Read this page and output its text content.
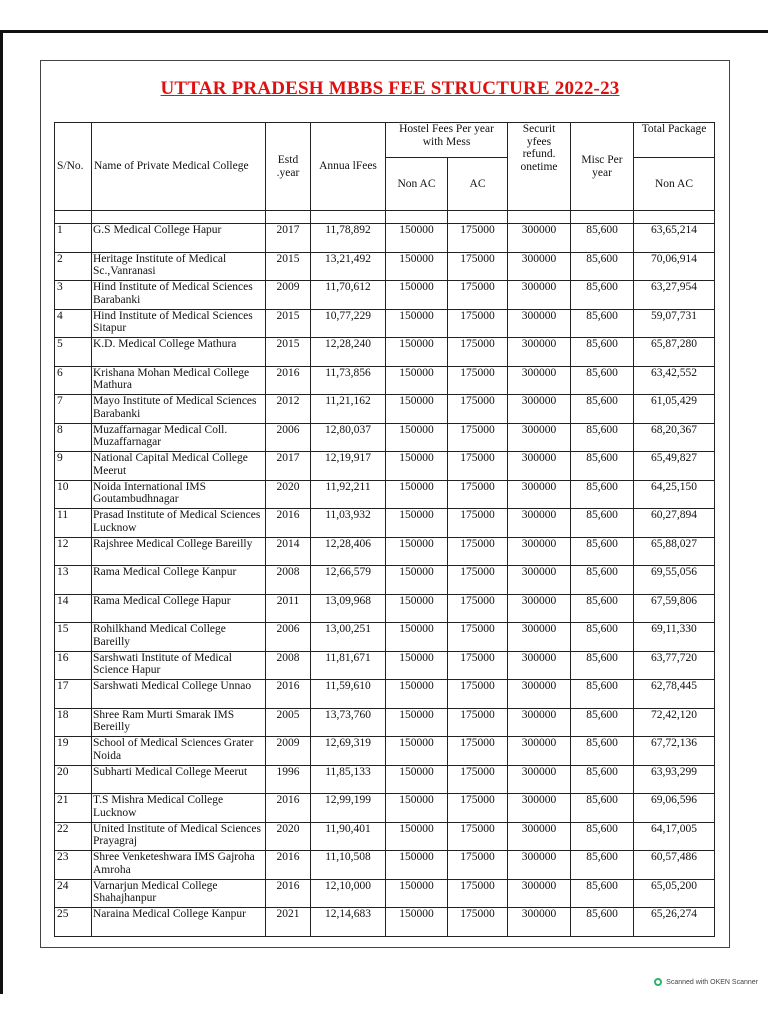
UTTAR PRADESH MBBS FEE STRUCTURE 2022-23
S/No.	Name of Private Medical College	Estd .year	Annua lFees	Hostel Fees Per year with Mess		Securit yfees refund. onetime	Misc Per year	Total Package
				Non AC	AC			Non AC

1	G.S Medical College Hapur	2017	11,78,892	150000	175000	300000	85,600	63,65,214
2	Heritage Institute of Medical Sc.,Vanranasi	2015	13,21,492	150000	175000	300000	85,600	70,06,914
3	Hind Institute of Medical Sciences Barabanki	2009	11,70,612	150000	175000	300000	85,600	63,27,954
4	Hind Institute of Medical Sciences Sitapur	2015	10,77,229	150000	175000	300000	85,600	59,07,731
5	K.D. Medical College Mathura	2015	12,28,240	150000	175000	300000	85,600	65,87,280
6	Krishana Mohan Medical College Mathura	2016	11,73,856	150000	175000	300000	85,600	63,42,552
7	Mayo Institute of Medical Sciences Barabanki	2012	11,21,162	150000	175000	300000	85,600	61,05,429
8	Muzaffarnagar Medical Coll. Muzaffarnagar	2006	12,80,037	150000	175000	300000	85,600	68,20,367
9	National Capital Medical College Meerut	2017	12,19,917	150000	175000	300000	85,600	65,49,827
10	Noida International IMS Goutambudhnagar	2020	11,92,211	150000	175000	300000	85,600	64,25,150
11	Prasad Institute of Medical Sciences Lucknow	2016	11,03,932	150000	175000	300000	85,600	60,27,894
12	Rajshree Medical College Bareilly	2014	12,28,406	150000	175000	300000	85,600	65,88,027
13	Rama Medical College Kanpur	2008	12,66,579	150000	175000	300000	85,600	69,55,056
14	Rama Medical College Hapur	2011	13,09,968	150000	175000	300000	85,600	67,59,806
15	Rohilkhand Medical College Bareilly	2006	13,00,251	150000	175000	300000	85,600	69,11,330
16	Sarshwati Institute of Medical Science Hapur	2008	11,81,671	150000	175000	300000	85,600	63,77,720
17	Sarshwati Medical College Unnao	2016	11,59,610	150000	175000	300000	85,600	62,78,445
18	Shree Ram Murti Smarak IMS Bereilly	2005	13,73,760	150000	175000	300000	85,600	72,42,120
19	School of Medical Sciences Grater Noida	2009	12,69,319	150000	175000	300000	85,600	67,72,136
20	Subharti Medical College Meerut	1996	11,85,133	150000	175000	300000	85,600	63,93,299
21	T.S Mishra Medical College Lucknow	2016	12,99,199	150000	175000	300000	85,600	69,06,596
22	United Institute of Medical Sciences Prayagraj	2020	11,90,401	150000	175000	300000	85,600	64,17,005
23	Shree Venketeshwara IMS Gajroha Amroha	2016	11,10,508	150000	175000	300000	85,600	60,57,486
24	Varnarjun Medical College Shahajhanpur	2016	12,10,000	150000	175000	300000	85,600	65,05,200
25	Naraina Medical College Kanpur	2021	12,14,683	150000	175000	300000	85,600	65,26,274
Scanned with OKEN Scanner
